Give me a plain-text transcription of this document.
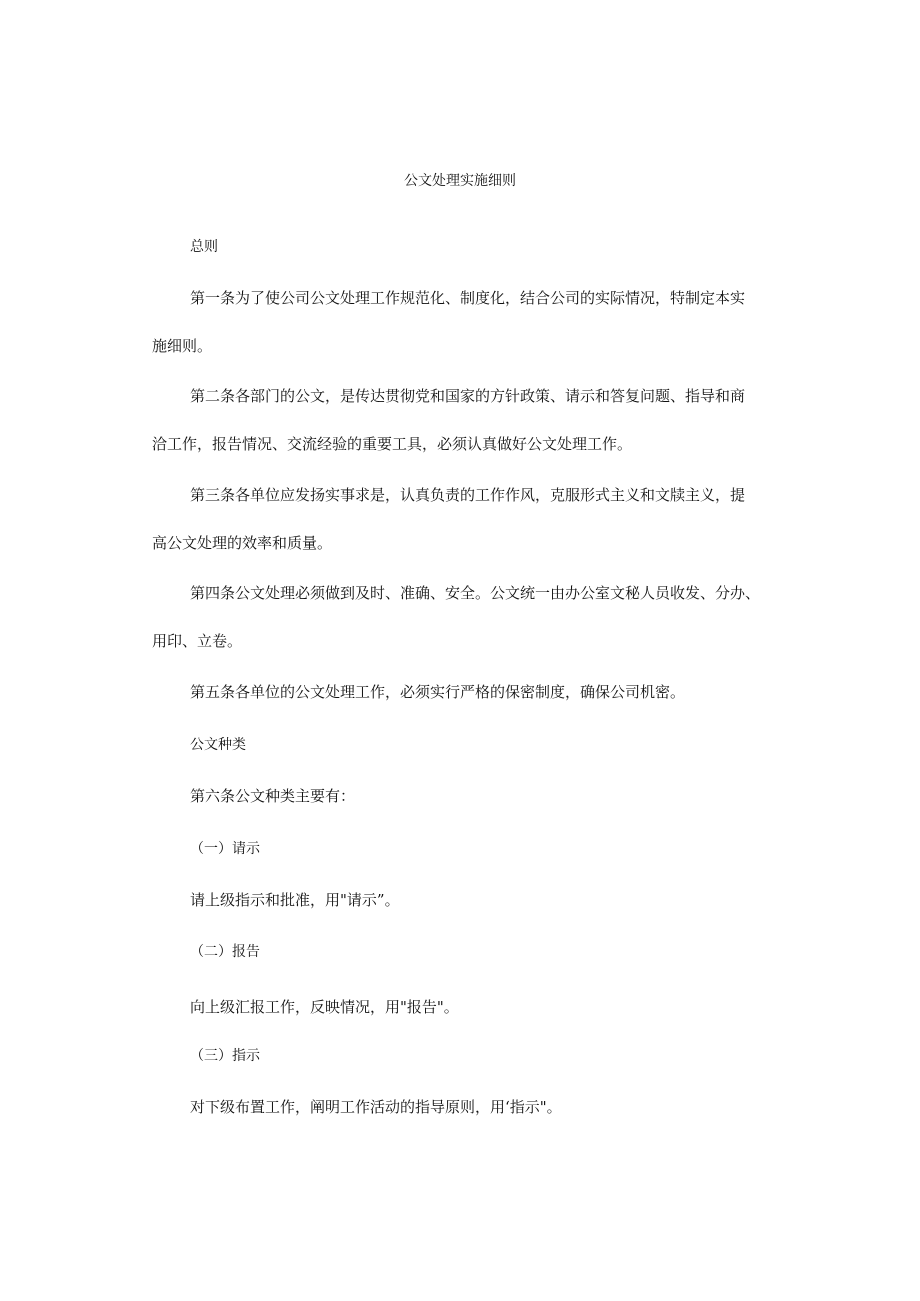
公文处理实施细则
总则

第一条为了使公司公文处理工作规范化、制度化，结合公司的实际情况，特制定本实
施细则。

第二条各部门的公文，是传达贯彻党和国家的方针政策、请示和答复问题、指导和商
洽工作，报告情况、交流经验的重要工具，必须认真做好公文处理工作。

第三条各单位应发扬实事求是，认真负责的工作作风，克服形式主义和文牍主义，提
高公文处理的效率和质量。

第四条公文处理必须做到及时、准确、安全。公文统一由办公室文秘人员收发、分办、
用印、立卷。

第五条各单位的公文处理工作，必须实行严格的保密制度，确保公司机密。

公文种类

第六条公文种类主要有：

（一）请示

请上级指示和批准，用"请示”。

（二）报告

向上级汇报工作，反映情况，用"报告"。

（三）指示

对下级布置工作，阐明工作活动的指导原则，用‘指示"。
